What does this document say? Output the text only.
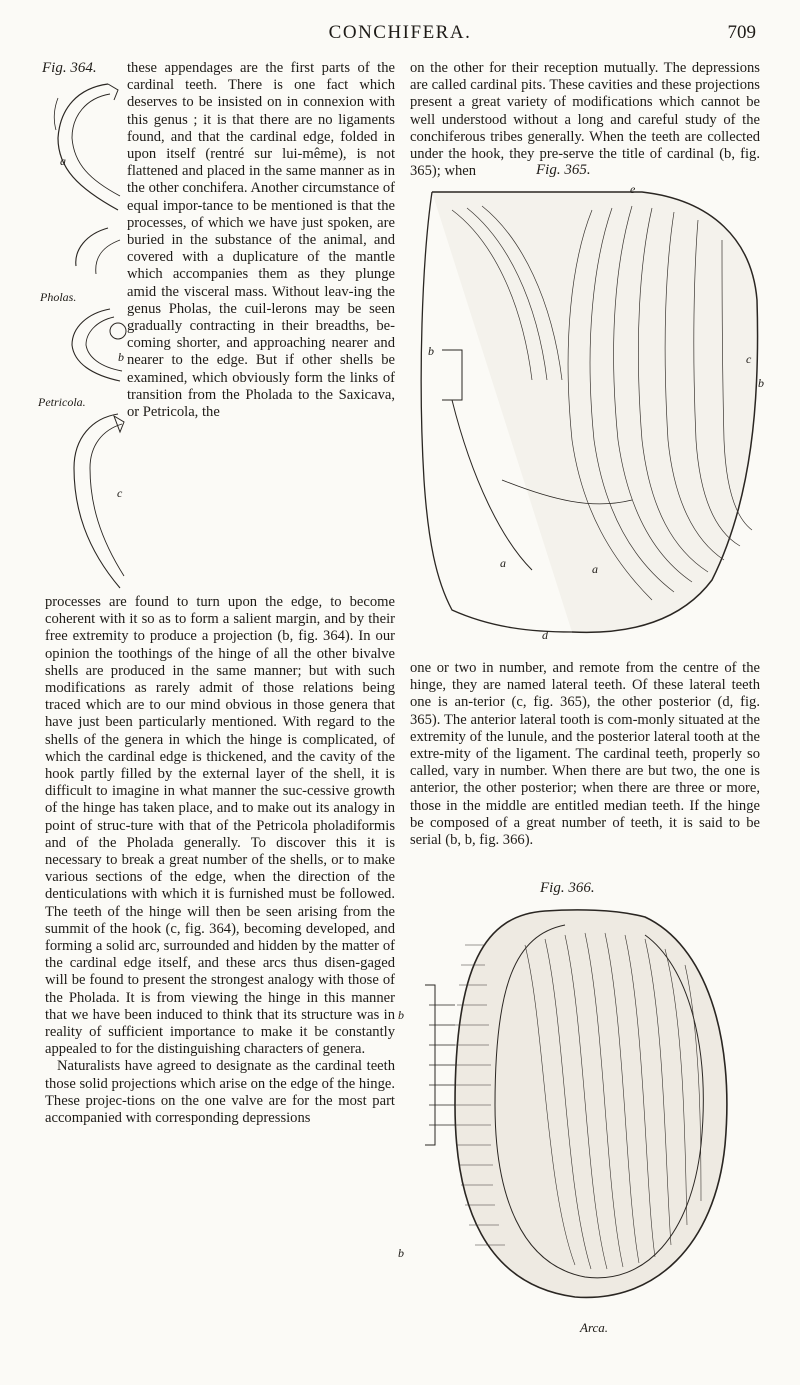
CONCHIFERA.	709
Fig. 364.
a
Pholas.
b
Petricola.
c

these appendages are the first parts of the cardinal teeth. There is one fact which deserves to be insisted on in connexion with this genus ; it is that there are no ligaments found, and that the cardinal edge, folded in upon itself (rentré sur lui-même), is not flattened and placed in the same manner as in the other conchifera. Another circumstance of equal impor-tance to be mentioned is that the processes, of which we have just spoken, are buried in the substance of the animal, and covered with a duplicature of the mantle which accompanies them as they plunge amid the visceral mass. Without leav-ing the genus Pholas, the cuil-lerons may be seen gradually contracting in their breadths, be-coming shorter, and approaching nearer and nearer to the edge. But if other shells be examined, which obviously form the links of transition from the Pholada to the Saxicava, or Petricola, the

processes are found to turn upon the edge, to become coherent with it so as to form a salient margin, and by their free extremity to produce a projection (b, fig. 364). In our opinion the toothings of the hinge of all the other bivalve shells are produced in the same manner; but with such modifications as rarely admit of those relations being traced which are to our mind obvious in those genera that have just been particularly mentioned. With regard to the shells of the genera in which the hinge is complicated, of which the cardinal edge is thickened, and the cavity of the hook partly filled by the external layer of the shell, it is difficult to imagine in what manner the suc-cessive growth of the hinge has taken place, and to make out its analogy in point of struc-ture with that of the Petricola pholadiformis and of the Pholada generally. To discover this it is necessary to break a great number of the shells, or to make various sections of the edge, when the direction of the denticulations with which it is furnished must be followed. The teeth of the hinge will then be seen arising from the summit of the hook (c, fig. 364), becoming developed, and forming a solid arc, surrounded and hidden by the matter of the cardinal edge itself, and these arcs thus disen-gaged will be found to present the strongest analogy with those of the Pholada. It is from viewing the hinge in this manner that we have been induced to think that its structure was in reality of sufficient importance to make it be constantly appealed to for the distinguishing characters of genera.

Naturalists have agreed to designate as the cardinal teeth those solid projections which arise on the edge of the hinge. These projec-tions on the one valve are for the most part accompanied with corresponding depressions

on the other for their reception mutually. The depressions are called cardinal pits. These cavities and these projections present a great variety of modifications which cannot be well understood without a long and careful study of the conchiferous tribes generally. When the teeth are collected under the hook, they pre-serve the title of cardinal (b, fig. 365); when	Fig. 365.
e
b
c
b
a	a
d

one or two in number, and remote from the centre of the hinge, they are named lateral teeth. Of these lateral teeth one is an-terior (c, fig. 365), the other posterior (d, fig. 365). The anterior lateral tooth is com-monly situated at the extremity of the lunule, and the posterior lateral tooth at the extre-mity of the ligament. The cardinal teeth, properly so called, vary in number. When there are but two, the one is anterior, the other posterior; when there are three or more, those in the middle are entitled median teeth. If the hinge be composed of a great number of teeth, it is said to be serial (b, b, fig. 366).

Fig. 366.
b
b
Arca.
